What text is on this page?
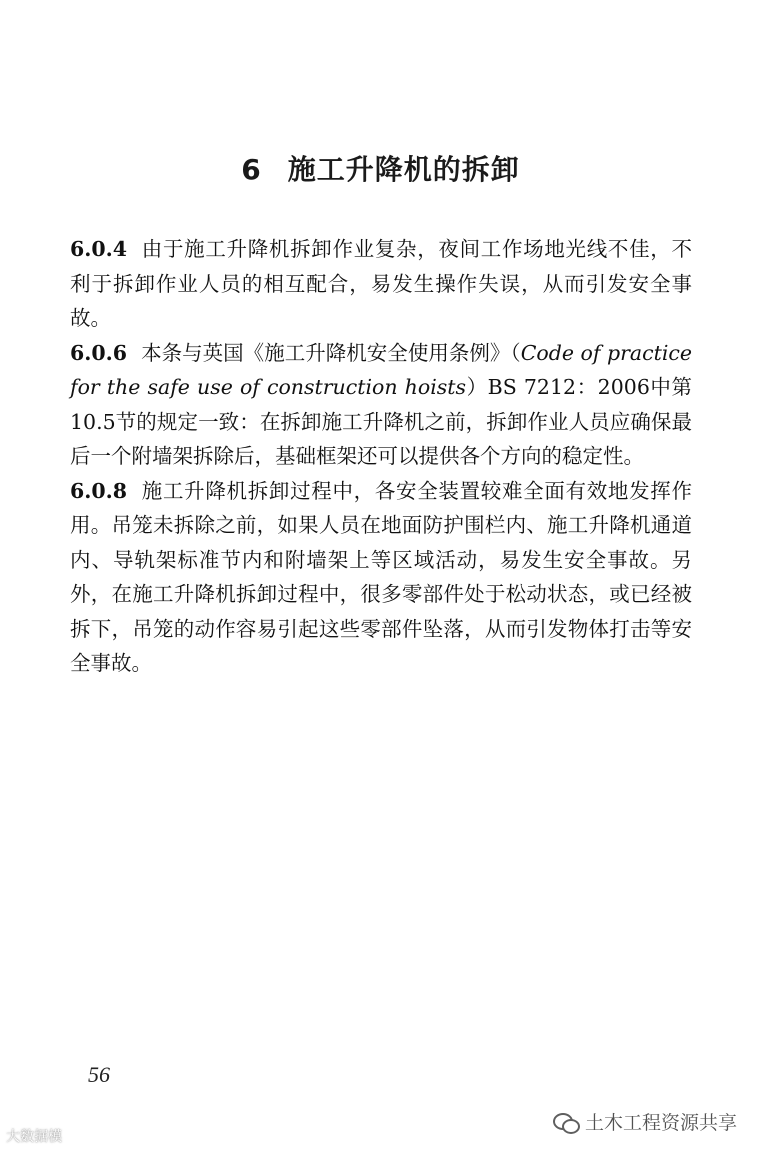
6 施工升降机的拆卸

6.0.4 由于施工升降机拆卸作业复杂，夜间工作场地光线不佳，不利于拆卸作业人员的相互配合，易发生操作失误，从而引发安全事故。

6.0.6 本条与英国《施工升降机安全使用条例》（Code of practice for the safe use of construction hoists）BS 7212：2006中第10.5节的规定一致：在拆卸施工升降机之前，拆卸作业人员应确保最后一个附墙架拆除后，基础框架还可以提供各个方向的稳定性。

6.0.8 施工升降机拆卸过程中，各安全装置较难全面有效地发挥作用。吊笼未拆除之前，如果人员在地面防护围栏内、施工升降机通道内、导轨架标准节内和附墙架上等区域活动，易发生安全事故。另外，在施工升降机拆卸过程中，很多零部件处于松动状态，或已经被拆下，吊笼的动作容易引起这些零部件坠落，从而引发物体打击等安全事故。

56
土木工程资源共享
大数据模
